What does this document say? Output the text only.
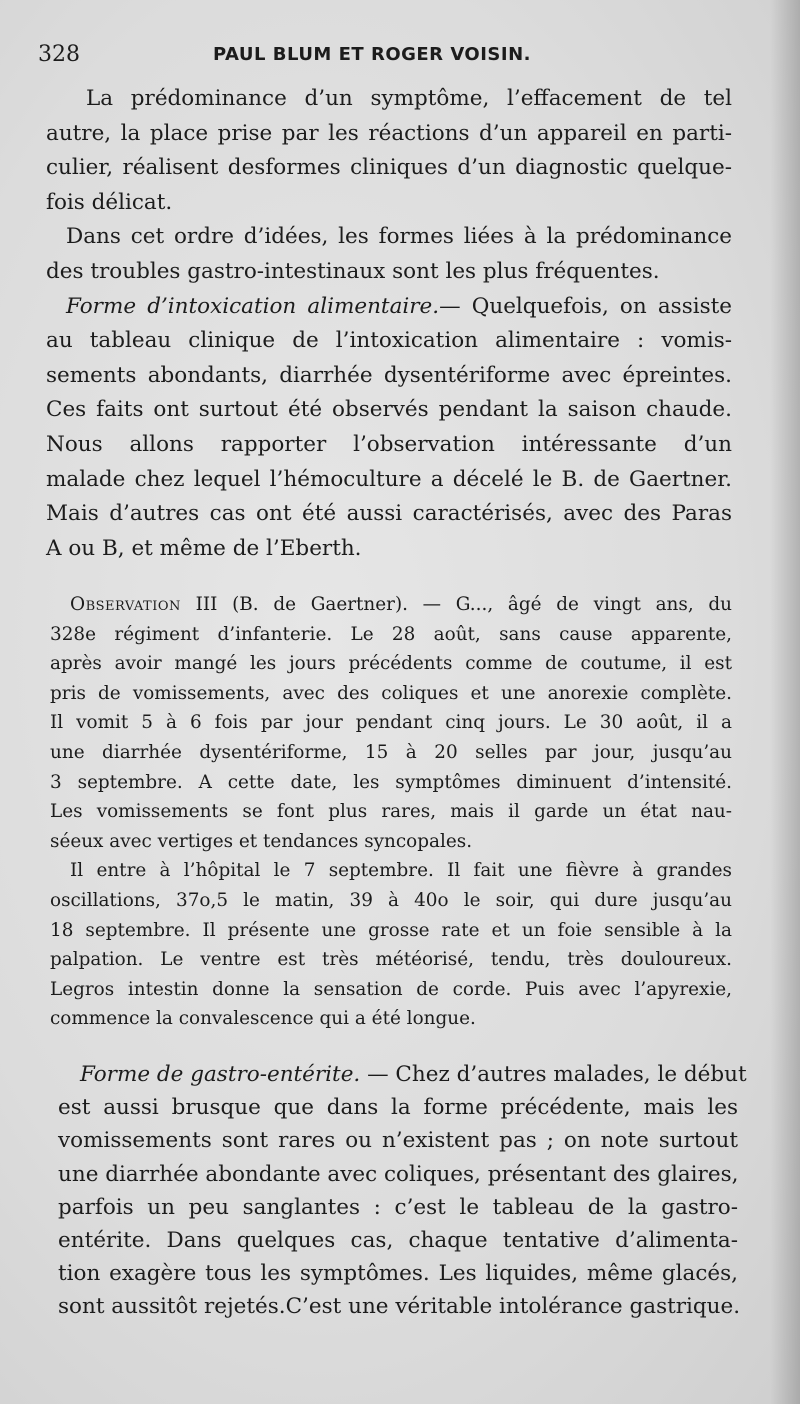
328	PAUL BLUM ET ROGER VOISIN.
La prédominance d’un symptôme, l’effacement de tel
autre, la place prise par les réactions d’un appareil en parti-
culier, réalisent desformes cliniques d’un diagnostic quelque-
fois délicat.
Dans cet ordre d’idées, les formes liées à la prédominance
des troubles gastro-intestinaux sont les plus fréquentes.
Forme d’intoxication alimentaire.— Quelquefois, on assiste
au tableau clinique de l’intoxication alimentaire : vomis-
sements abondants, diarrhée dysentériforme avec épreintes.
Ces faits ont surtout été observés pendant la saison chaude.
Nous allons rapporter l’observation intéressante d’un
malade chez lequel l’hémoculture a décelé le B. de Gaertner.
Mais d’autres cas ont été aussi caractérisés, avec des Paras
A ou B, et même de l’Eberth.
Observation III (B. de Gaertner). — G..., âgé de vingt ans, du
328e régiment d’infanterie. Le 28 août, sans cause apparente,
après avoir mangé les jours précédents comme de coutume, il est
pris de vomissements, avec des coliques et une anorexie complète.
Il vomit 5 à 6 fois par jour pendant cinq jours. Le 30 août, il a
une diarrhée dysentériforme, 15 à 20 selles par jour, jusqu’au
3 septembre. A cette date, les symptômes diminuent d’intensité.
Les vomissements se font plus rares, mais il garde un état nau-
séeux avec vertiges et tendances syncopales.
Il entre à l’hôpital le 7 septembre. Il fait une fièvre à grandes
oscillations, 37o,5 le matin, 39 à 40o le soir, qui dure jusqu’au
18 septembre. Il présente une grosse rate et un foie sensible à la
palpation. Le ventre est très météorisé, tendu, très douloureux.
Legros intestin donne la sensation de corde. Puis avec l’apyrexie,
commence la convalescence qui a été longue.
Forme de gastro-entérite. — Chez d’autres malades, le début
est aussi brusque que dans la forme précédente, mais les
vomissements sont rares ou n’existent pas ; on note surtout
une diarrhée abondante avec coliques, présentant des glaires,
parfois un peu sanglantes : c’est le tableau de la gastro-
entérite. Dans quelques cas, chaque tentative d’alimenta-
tion exagère tous les symptômes. Les liquides, même glacés,
sont aussitôt rejetés.C’est une véritable intolérance gastrique.
